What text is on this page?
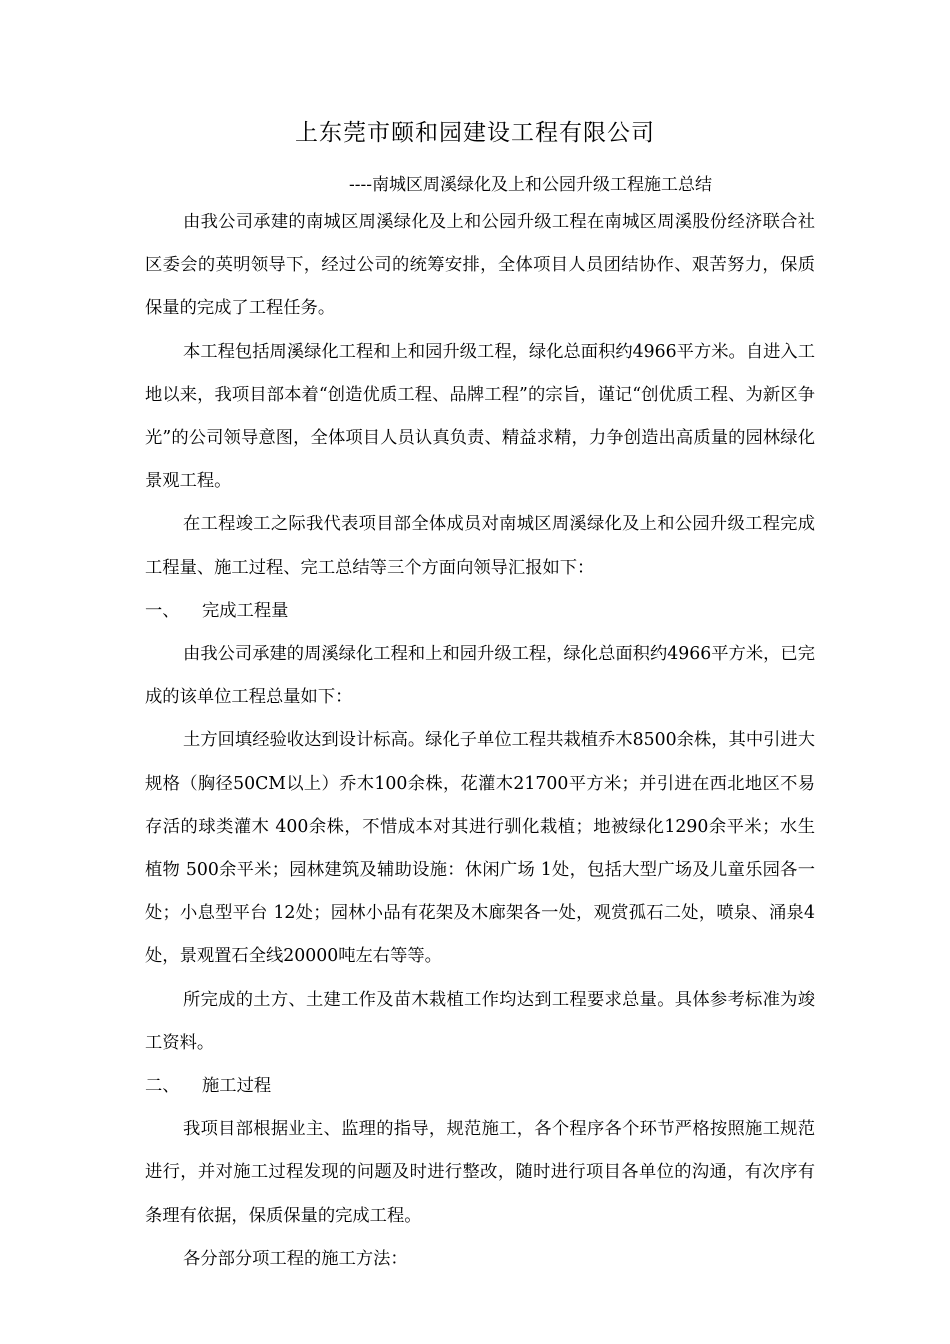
上东莞市颐和园建设工程有限公司

----南城区周溪绿化及上和公园升级工程施工总结

由我公司承建的南城区周溪绿化及上和公园升级工程在南城区周溪股份经济联合社区委会的英明领导下，经过公司的统筹安排，全体项目人员团结协作、艰苦努力，保质保量的完成了工程任务。

本工程包括周溪绿化工程和上和园升级工程，绿化总面积约4966平方米。自进入工地以来，我项目部本着“创造优质工程、品牌工程”的宗旨，谨记“创优质工程、为新区争光”的公司领导意图，全体项目人员认真负责、精益求精，力争创造出高质量的园林绿化景观工程。

在工程竣工之际我代表项目部全体成员对南城区周溪绿化及上和公园升级工程完成工程量、施工过程、完工总结等三个方面向领导汇报如下：

一、 完成工程量

由我公司承建的周溪绿化工程和上和园升级工程，绿化总面积约4966平方米，已完成的该单位工程总量如下：

土方回填经验收达到设计标高。绿化子单位工程共栽植乔木8500余株，其中引进大规格（胸径50CM以上）乔木100余株，花灌木21700平方米；并引进在西北地区不易存活的球类灌木 400余株，不惜成本对其进行驯化栽植；地被绿化1290余平米；水生植物 500余平米；园林建筑及辅助设施：休闲广场 1处，包括大型广场及儿童乐园各一处；小息型平台 12处；园林小品有花架及木廊架各一处，观赏孤石二处，喷泉、涌泉4处，景观置石全线20000吨左右等等。

所完成的土方、土建工作及苗木栽植工作均达到工程要求总量。具体参考标准为竣工资料。

二、 施工过程

我项目部根据业主、监理的指导，规范施工，各个程序各个环节严格按照施工规范进行，并对施工过程发现的问题及时进行整改，随时进行项目各单位的沟通，有次序有条理有依据，保质保量的完成工程。

各分部分项工程的施工方法：
